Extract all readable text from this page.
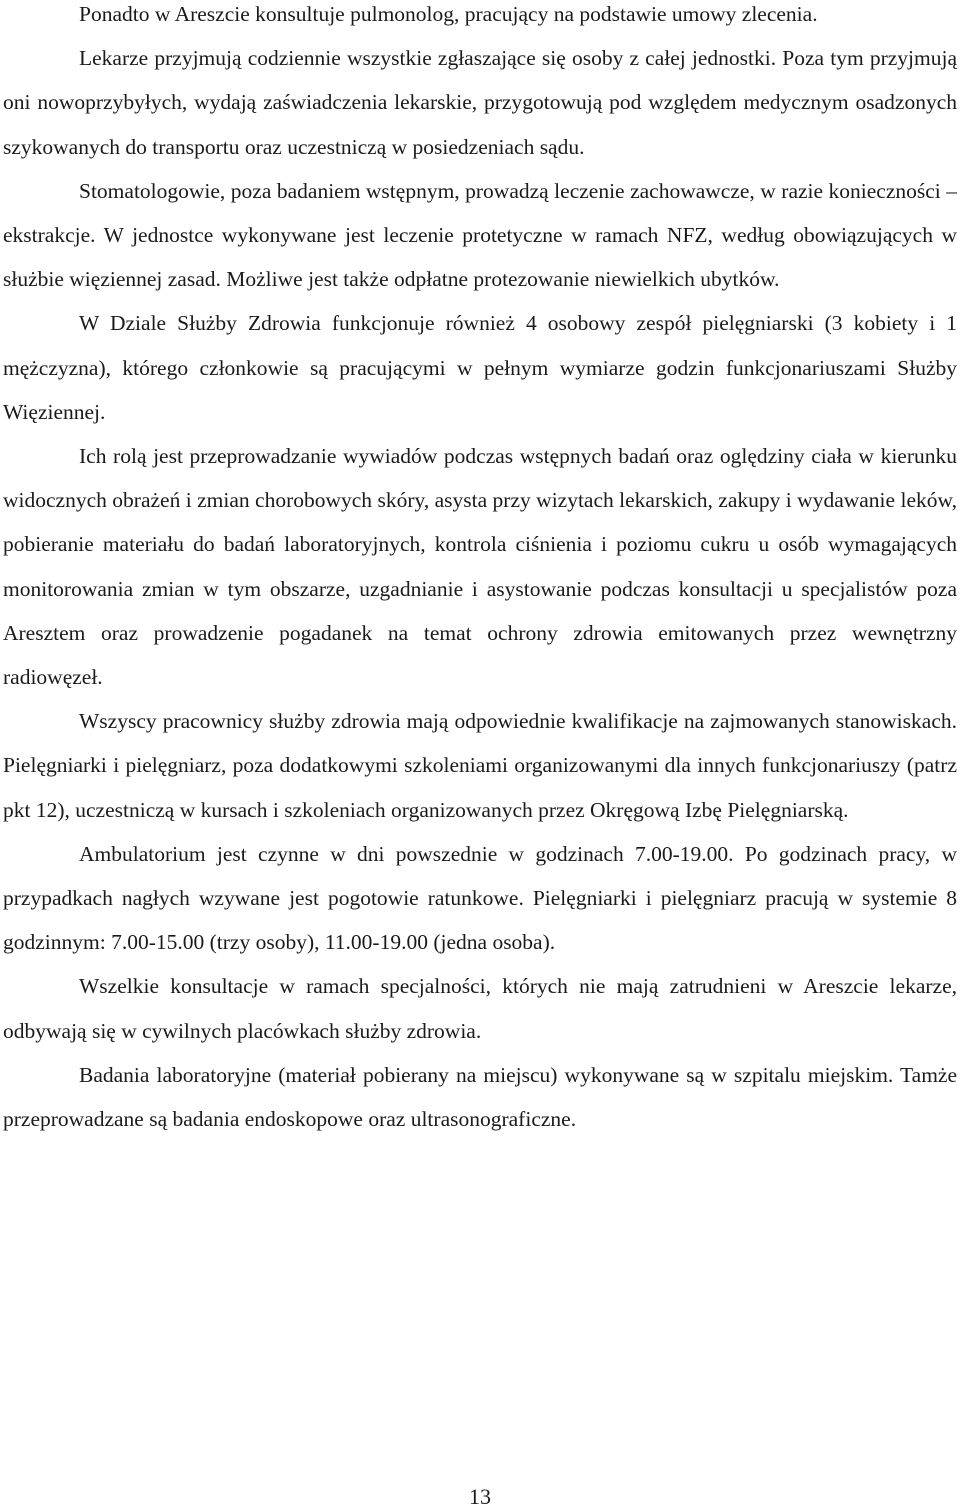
Ponadto w Areszcie konsultuje pulmonolog, pracujący na podstawie umowy zlecenia.

Lekarze przyjmują codziennie wszystkie zgłaszające się osoby z całej jednostki. Poza tym przyjmują oni nowoprzybyłych, wydają zaświadczenia lekarskie, przygotowują pod względem medycznym osadzonych szykowanych do transportu oraz uczestniczą w posiedzeniach sądu.

Stomatologowie, poza badaniem wstępnym, prowadzą leczenie zachowawcze, w razie konieczności – ekstrakcje. W jednostce wykonywane jest leczenie protetyczne w ramach NFZ, według obowiązujących w służbie więziennej zasad. Możliwe jest także odpłatne protezowanie niewielkich ubytków.

W Dziale Służby Zdrowia funkcjonuje również 4 osobowy zespół pielęgniarski (3 kobiety i 1 mężczyzna), którego członkowie są pracującymi w pełnym wymiarze godzin funkcjonariuszami Służby Więziennej.

Ich rolą jest przeprowadzanie wywiadów podczas wstępnych badań oraz oględziny ciała w kierunku widocznych obrażeń i zmian chorobowych skóry, asysta przy wizytach lekarskich, zakupy i wydawanie leków, pobieranie materiału do badań laboratoryjnych, kontrola ciśnienia i poziomu cukru u osób wymagających monitorowania zmian w tym obszarze, uzgadnianie i asystowanie podczas konsultacji u specjalistów poza Aresztem oraz prowadzenie pogadanek na temat ochrony zdrowia emitowanych przez wewnętrzny radiowęzeł.

Wszyscy pracownicy służby zdrowia mają odpowiednie kwalifikacje na zajmowanych stanowiskach. Pielęgniarki i pielęgniarz, poza dodatkowymi szkoleniami organizowanymi dla innych funkcjonariuszy (patrz pkt 12), uczestniczą w kursach i szkoleniach organizowanych przez Okręgową Izbę Pielęgniarską.

Ambulatorium jest czynne w dni powszednie w godzinach 7.00-19.00. Po godzinach pracy, w przypadkach nagłych wzywane jest pogotowie ratunkowe. Pielęgniarki i pielęgniarz pracują w systemie 8 godzinnym: 7.00-15.00 (trzy osoby), 11.00-19.00 (jedna osoba).

Wszelkie konsultacje w ramach specjalności, których nie mają zatrudnieni w Areszcie lekarze, odbywają się w cywilnych placówkach służby zdrowia.

Badania laboratoryjne (materiał pobierany na miejscu) wykonywane są w szpitalu miejskim. Tamże przeprowadzane są badania endoskopowe oraz ultrasonograficzne.

13
